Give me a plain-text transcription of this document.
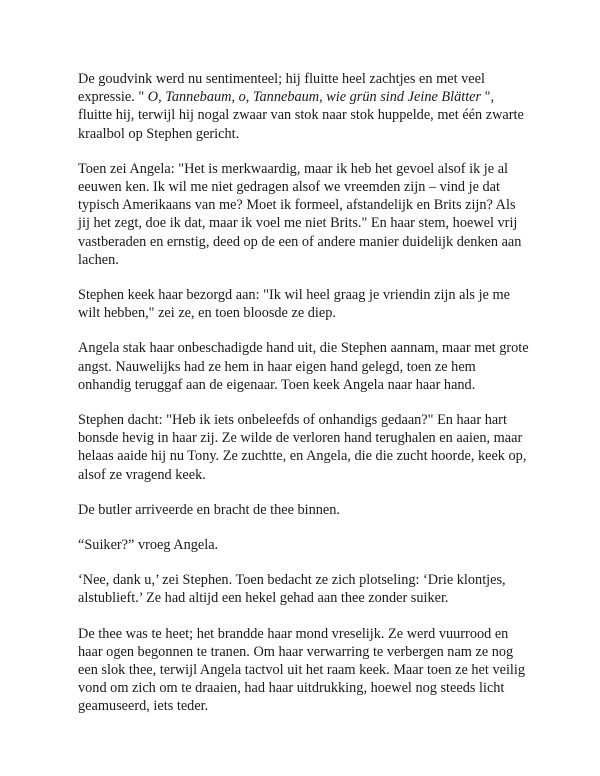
De goudvink werd nu sentimenteel; hij fluitte heel zachtjes en met veel expressie. " O, Tannebaum, o, Tannebaum, wie grün sind Jeine Blätter ", fluitte hij, terwijl hij nogal zwaar van stok naar stok huppelde, met één zwarte kraalbol op Stephen gericht.

Toen zei Angela: "Het is merkwaardig, maar ik heb het gevoel alsof ik je al eeuwen ken. Ik wil me niet gedragen alsof we vreemden zijn – vind je dat typisch Amerikaans van me? Moet ik formeel, afstandelijk en Brits zijn? Als jij het zegt, doe ik dat, maar ik voel me niet Brits." En haar stem, hoewel vrij vastberaden en ernstig, deed op de een of andere manier duidelijk denken aan lachen.

Stephen keek haar bezorgd aan: "Ik wil heel graag je vriendin zijn als je me wilt hebben," zei ze, en toen bloosde ze diep.

Angela stak haar onbeschadigde hand uit, die Stephen aannam, maar met grote angst. Nauwelijks had ze hem in haar eigen hand gelegd, toen ze hem onhandig teruggaf aan de eigenaar. Toen keek Angela naar haar hand.

Stephen dacht: "Heb ik iets onbeleefds of onhandigs gedaan?" En haar hart bonsde hevig in haar zij. Ze wilde de verloren hand terughalen en aaien, maar helaas aaide hij nu Tony. Ze zuchtte, en Angela, die die zucht hoorde, keek op, alsof ze vragend keek.

De butler arriveerde en bracht de thee binnen.

“Suiker?” vroeg Angela.

‘Nee, dank u,’ zei Stephen. Toen bedacht ze zich plotseling: ‘Drie klontjes, alstublieft.’ Ze had altijd een hekel gehad aan thee zonder suiker.

De thee was te heet; het brandde haar mond vreselijk. Ze werd vuurrood en haar ogen begonnen te tranen. Om haar verwarring te verbergen nam ze nog een slok thee, terwijl Angela tactvol uit het raam keek. Maar toen ze het veilig vond om zich om te draaien, had haar uitdrukking, hoewel nog steeds licht geamuseerd, iets teder.
